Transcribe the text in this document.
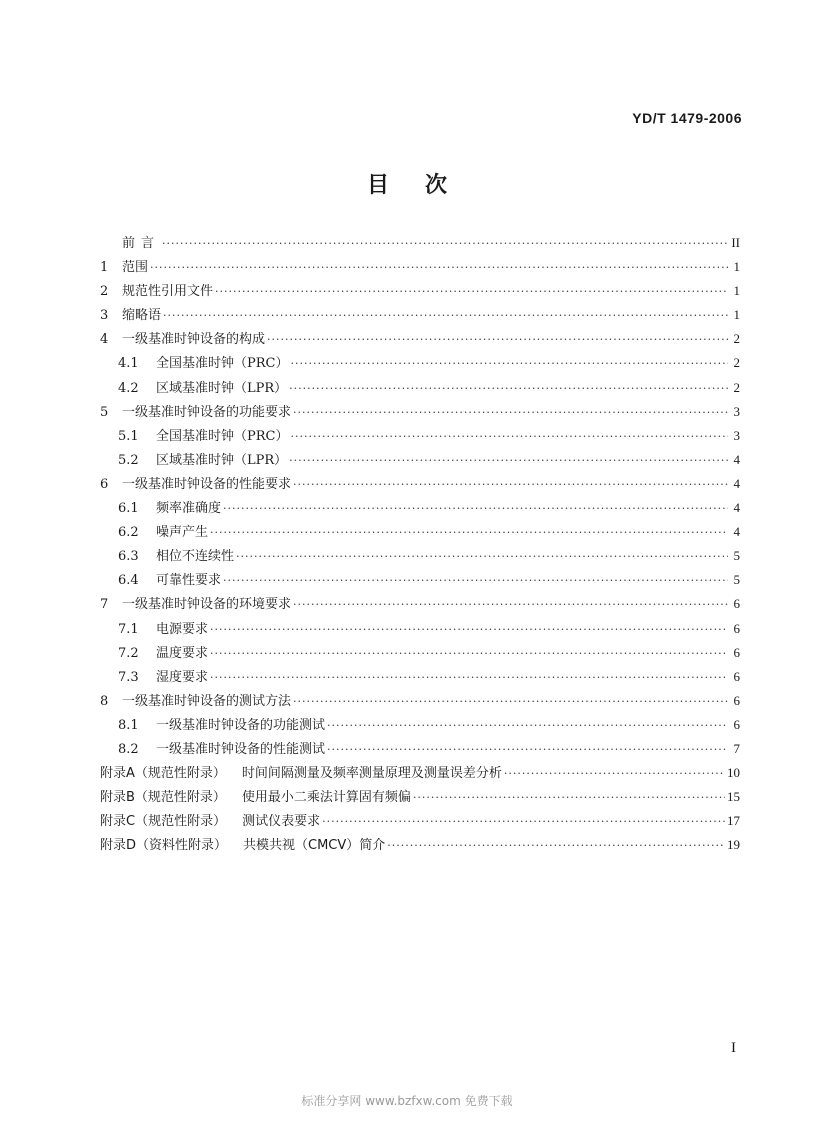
YD/T 1479-2006
目次
前言 ·····	II
1	范围 ·····	1
2	规范性引用文件 ·····	1
3	缩略语 ·····	1
4	一级基准时钟设备的构成 ·····	2
4.1	全国基准时钟（PRC） ·····	2
4.2	区域基准时钟（LPR） ·····	2
5	一级基准时钟设备的功能要求 ·····	3
5.1	全国基准时钟（PRC） ·····	3
5.2	区域基准时钟（LPR） ·····	4
6	一级基准时钟设备的性能要求 ·····	4
6.1	频率准确度 ·····	4
6.2	噪声产生 ·····	4
6.3	相位不连续性 ·····	5
6.4	可靠性要求 ·····	5
7	一级基准时钟设备的环境要求 ·····	6
7.1	电源要求 ·····	6
7.2	温度要求 ·····	6
7.3	湿度要求 ·····	6
8	一级基准时钟设备的测试方法 ·····	6
8.1	一级基准时钟设备的功能测试 ·····	6
8.2	一级基准时钟设备的性能测试 ·····	7
附录A（规范性附录） 时间间隔测量及频率测量原理及测量误差分析 ·····	10
附录B（规范性附录） 使用最小二乘法计算固有频偏 ·····	15
附录C（规范性附录） 测试仪表要求 ·····	17
附录D（资料性附录） 共模共视（CMCV）简介 ·····	19
I
标准分享网 www.bzfxw.com 免费下载
